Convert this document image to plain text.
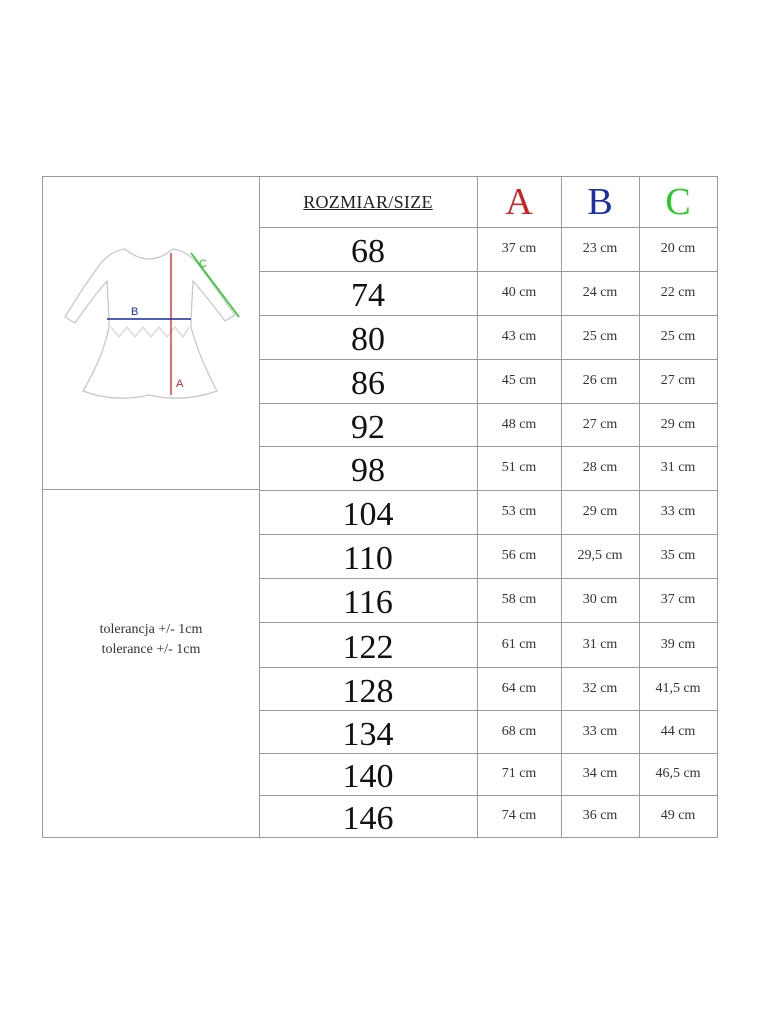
A
B
C
tolerancja +/- 1cm
tolerance +/- 1cm
ROZMIAR/SIZE	A	B	C
68	37 cm	23 cm	20 cm
74	40 cm	24 cm	22 cm
80	43 cm	25 cm	25 cm
86	45 cm	26 cm	27 cm
92	48 cm	27 cm	29 cm
98	51 cm	28 cm	31 cm
104	53 cm	29 cm	33 cm
110	56 cm	29,5 cm	35 cm
116	58 cm	30 cm	37 cm
122	61 cm	31 cm	39 cm
128	64 cm	32 cm	41,5 cm
134	68 cm	33 cm	44 cm
140	71 cm	34 cm	46,5 cm
146	74 cm	36 cm	49 cm
